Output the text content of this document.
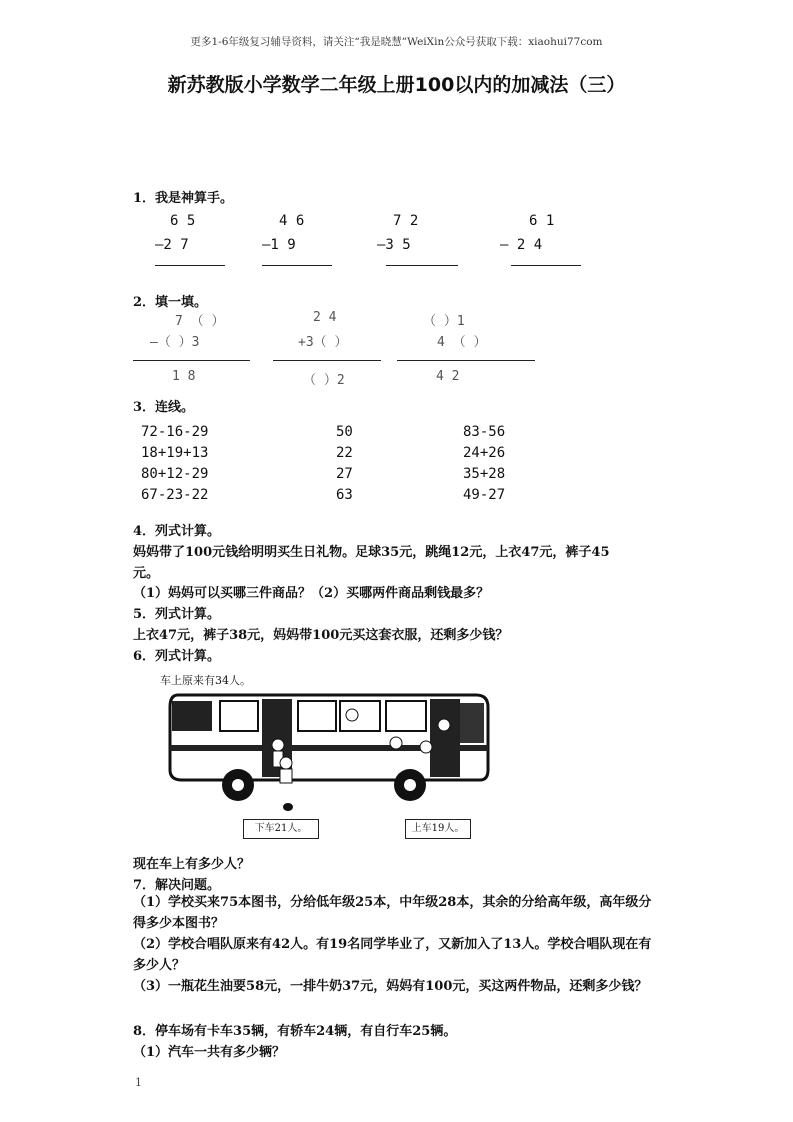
更多1-6年级复习辅导资料，请关注“我是晓慧”WeiXin公众号获取下载：xiaohui77com
新苏教版小学数学二年级上册100以内的加减法（三）
1．我是神算手。
6 5
—2 7
4 6
—1 9
7 2
—3 5
6 1
— 2 4
2．填一填。
7 （ ）
—（ ）3
1 8
2 4
+3（ ）
（ ）2
（ ）1
4 （ ）
4 2
3．连线。
72-16-29
18+19+13
80+12-29
67-23-22
50
22
27
63
83-56
24+26
35+28
49-27
4．列式计算。
妈妈带了100元钱给明明买生日礼物。足球35元，跳绳12元，上衣47元，裤子45
元。
（1）妈妈可以买哪三件商品？（2）买哪两件商品剩钱最多？
5．列式计算。
上衣47元，裤子38元，妈妈带100元买这套衣服，还剩多少钱？
6．列式计算。
车上原来有34人。
下车21人。	上车19人。
现在车上有多少人？
7．解决问题。
（1）学校买来75本图书，分给低年级25本，中年级28本，其余的分给高年级，高年级分得多少本图书？
（2）学校合唱队原来有42人。有19名同学毕业了，又新加入了13人。学校合唱队现在有多少人？
（3）一瓶花生油要58元，一排牛奶37元，妈妈有100元，买这两件物品，还剩多少钱？
8．停车场有卡车35辆，有轿车24辆，有自行车25辆。
（1）汽车一共有多少辆？
1
